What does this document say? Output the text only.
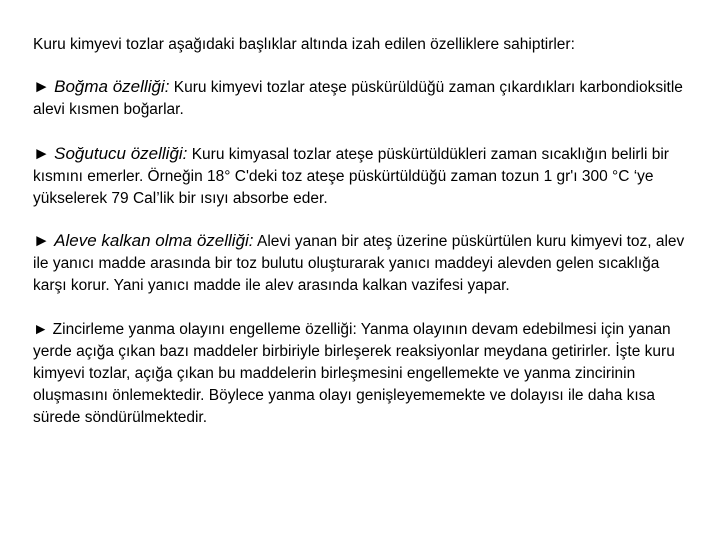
Kuru kimyevi tozlar aşağıdaki başlıklar altında izah edilen özelliklere sahiptirler:

► Boğma özelliği: Kuru kimyevi tozlar ateşe püskürüldüğü zaman çıkardıkları karbondioksitle alevi kısmen boğarlar.

► Soğutucu özelliği: Kuru kimyasal tozlar ateşe püskürtüldükleri zaman sıcaklığın belirli bir kısmını emerler. Örneğin 18° C'deki toz ateşe püskürtüldüğü zaman tozun 1 gr'ı 300 °C ‘ye yükselerek 79 Cal’lik bir ısıyı absorbe eder.

► Aleve kalkan olma özelliği: Alevi yanan bir ateş üzerine püskürtülen kuru kimyevi toz, alev ile yanıcı madde arasında bir toz bulutu oluşturarak yanıcı maddeyi alevden gelen sıcaklığa karşı korur. Yani yanıcı madde ile alev arasında kalkan vazifesi yapar.

► Zincirleme yanma olayını engelleme özelliği: Yanma olayının devam edebilmesi için yanan yerde açığa çıkan bazı maddeler birbiriyle birleşerek reaksiyonlar meydana getirirler. İşte kuru kimyevi tozlar, açığa çıkan bu maddelerin birleşmesini engellemekte ve yanma zincirinin oluşmasını önlemektedir. Böylece yanma olayı genişleyememekte ve dolayısı ile daha kısa sürede söndürülmektedir.
